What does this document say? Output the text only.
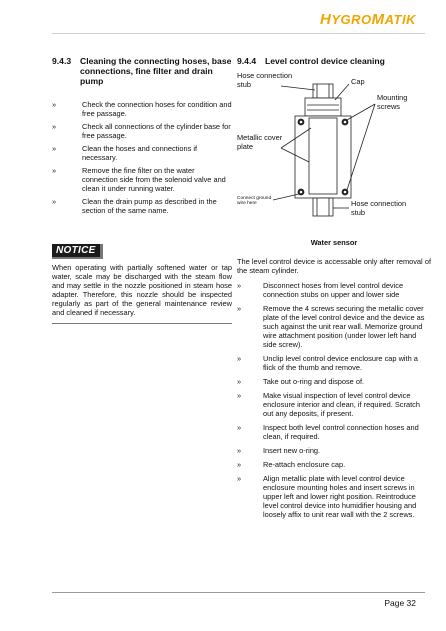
HYGROMATIK
9.4.3	Cleaning the connecting hoses, base connections, fine filter and drain pump
»	Check the connection hoses for condition and free passage.
»	Check all connections of the cylinder base for free passage.
»	Clean the hoses and connections if necessary.
»	Remove the fine filter on the water connection side from the solenoid valve and clean it under running water.
»	Clean the drain pump as described in the section of the same name.
NOTICE
When operating with partially softened water or tap water, scale may be discharged with the steam flow and may settle in the nozzle positioned in steam hose adapter. Therefore, this nozzle should be inspected regularly as part of the general maintenance review and cleaned if necessary.
9.4.4	Level control device cleaning
Hose connection stub	Cap
Mounting screws
Metallic cover plate
Connect ground wire here	Hose connection stub
Water sensor
The level control device is accessable only after removal of the steam cylinder.
»	Disconnect hoses from level control device connection stubs on upper and lower side
»	Remove the 4 screws securing the metallic cover plate of the level control device and the device as such against the unit rear wall. Memorize ground wire attachment position (under lower left hand side screw).
»	Unclip level control device enclosure cap with a flick of the thumb and remove.
»	Take out o-ring and dispose of.
»	Make visual inspection of level control device enclosure interior and clean, if required. Scratch out any deposits, if present.
»	Inspect both level control connection hoses and clean, if required.
»	Insert new o-ring.
»	Re-attach enclosure cap.
»	Align metallic plate with level control device enclosure mounting holes and insert screws in upper left and lower right position. Reintroduce level control device into humidifier housing and loosely affix to unit rear wall with the 2 screws.
Page 32
